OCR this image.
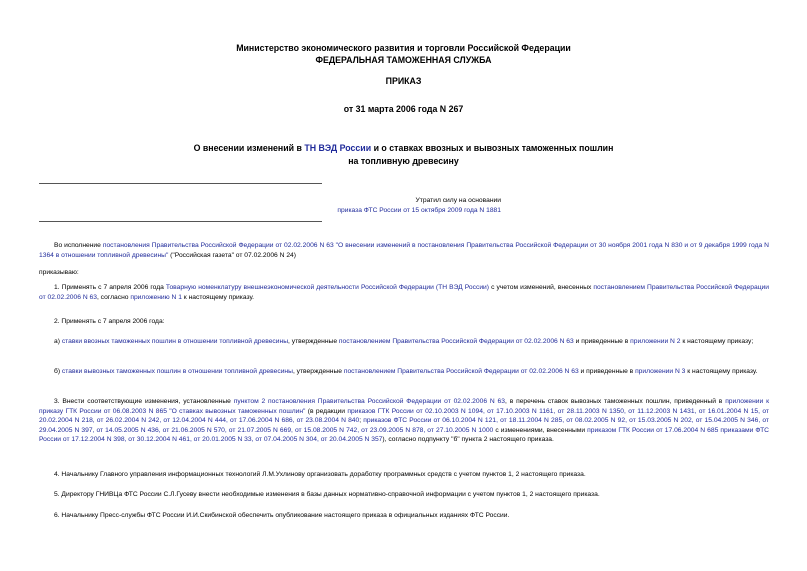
Министерство экономического развития и торговли Российской Федерации
ФЕДЕРАЛЬНАЯ ТАМОЖЕННАЯ СЛУЖБА
ПРИКАЗ
от 31 марта 2006 года N 267
О внесении изменений в ТН ВЭД России и о ставках ввозных и вывозных таможенных пошлин
на топливную древесину
Утратил силу на основании
приказа ФТС России от 15 октября 2009 года N 1881
Во исполнение постановления Правительства Российской Федерации от 02.02.2006 N 63 "О внесении изменений в постановления Правительства Российской Федерации от 30 ноября 2001 года N 830 и от 9 декабря 1999 года N 1364 в отношении топливной древесины" ("Российская газета" от 07.02.2006 N 24)
приказываю:
1. Применять с 7 апреля 2006 года Товарную номенклатуру внешнеэкономической деятельности Российской Федерации (ТН ВЭД России) с учетом изменений, внесенных постановлением Правительства Российской Федерации от 02.02.2006 N 63, согласно приложению N 1 к настоящему приказу.
2. Применять с 7 апреля 2006 года:
а) ставки ввозных таможенных пошлин в отношении топливной древесины, утвержденные постановлением Правительства Российской Федерации от 02.02.2006 N 63 и приведенные в приложении N 2 к настоящему приказу;
б) ставки вывозных таможенных пошлин в отношении топливной древесины, утвержденные постановлением Правительства Российской Федерации от 02.02.2006 N 63 и приведенные в приложении N 3 к настоящему приказу.
3. Внести соответствующие изменения, установленные пунктом 2 постановления Правительства Российской Федерации от 02.02.2006 N 63, в перечень ставок вывозных таможенных пошлин, приведенный в приложении к приказу ГТК России от 06.08.2003 N 865 "О ставках вывозных таможенных пошлин" (в редакции приказов ГТК России от 02.10.2003 N 1094, от 17.10.2003 N 1161, от 28.11.2003 N 1350, от 11.12.2003 N 1431, от 16.01.2004 N 15, от 20.02.2004 N 218, от 26.02.2004 N 242, от 12.04.2004 N 444, от 17.06.2004 N 686, от 23.08.2004 N 840; приказов ФТС России от 06.10.2004 N 121, от 18.11.2004 N 285, от 08.02.2005 N 92, от 15.03.2005 N 202, от 15.04.2005 N 346, от 29.04.2005 N 397, от 14.05.2005 N 436, от 21.06.2005 N 570, от 21.07.2005 N 669, от 15.08.2005 N 742, от 23.09.2005 N 878, от 27.10.2005 N 1000 с изменениями, внесенными приказом ГТК России от 17.06.2004 N 685 приказами ФТС России от 17.12.2004 N 398, от 30.12.2004 N 461, от 20.01.2005 N 33, от 07.04.2005 N 304, от 20.04.2005 N 357), согласно подпункту "б" пункта 2 настоящего приказа.
4. Начальнику Главного управления информационных технологий Л.М.Ухлинову организовать доработку программных средств с учетом пунктов 1, 2 настоящего приказа.
5. Директору ГНИВЦа ФТС России С.Л.Гусеву внести необходимые изменения в базы данных нормативно-справочной информации с учетом пунктов 1, 2 настоящего приказа.
6. Начальнику Пресс-службы ФТС России И.И.Скибинской обеспечить опубликование настоящего приказа в официальных изданиях ФТС России.
